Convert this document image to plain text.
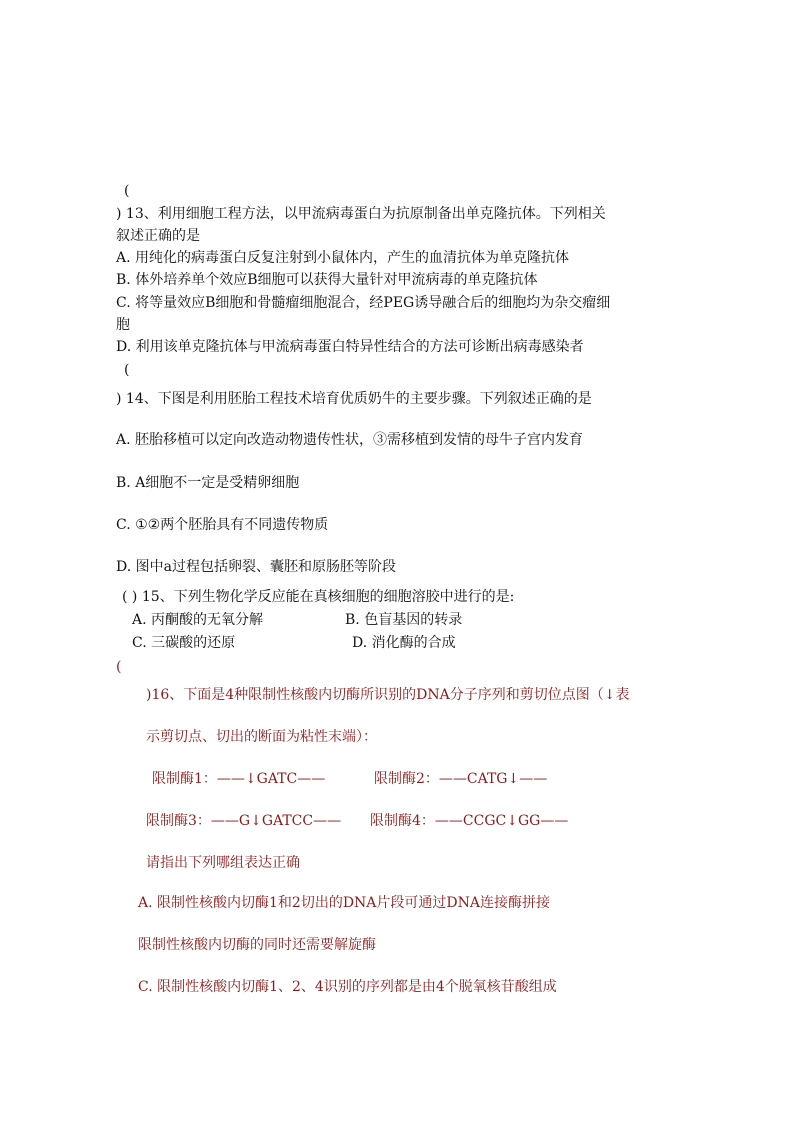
(
) 13、利用细胞工程方法，以甲流病毒蛋白为抗原制备出单克隆抗体。下列相关
叙述正确的是
A. 用纯化的病毒蛋白反复注射到小鼠体内，产生的血清抗体为单克隆抗体
B. 体外培养单个效应B细胞可以获得大量针对甲流病毒的单克隆抗体
C. 将等量效应B细胞和骨髓瘤细胞混合，经PEG诱导融合后的细胞均为杂交瘤细
胞
D. 利用该单克隆抗体与甲流病毒蛋白特异性结合的方法可诊断出病毒感染者
(
) 14、下图是利用胚胎工程技术培育优质奶牛的主要步骤。下列叙述正确的是
A. 胚胎移植可以定向改造动物遗传性状，③需移植到发情的母牛子宫内发育
B. A细胞不一定是受精卵细胞
C. ①②两个胚胎具有不同遗传物质
D. 图中a过程包括卵裂、囊胚和原肠胚等阶段
( ) 15、下列生物化学反应能在真核细胞的细胞溶胶中进行的是:
A. 丙酮酸的无氧分解	B. 色盲基因的转录
C. 三碳酸的还原	D. 消化酶的合成
(
)16、下面是4种限制性核酸内切酶所识别的DNA分子序列和剪切位点图（↓表
示剪切点、切出的断面为粘性末端）：
限制酶1：——↓GATC——	限制酶2：——CATG↓——
限制酶3：——G↓GATCC—— 限制酶4：——CCGC↓GG——
请指出下列哪组表达正确
A. 限制性核酸内切酶1和2切出的DNA片段可通过DNA连接酶拼接
限制性核酸内切酶的同时还需要解旋酶
C. 限制性核酸内切酶1、2、4识别的序列都是由4个脱氧核苷酸组成
